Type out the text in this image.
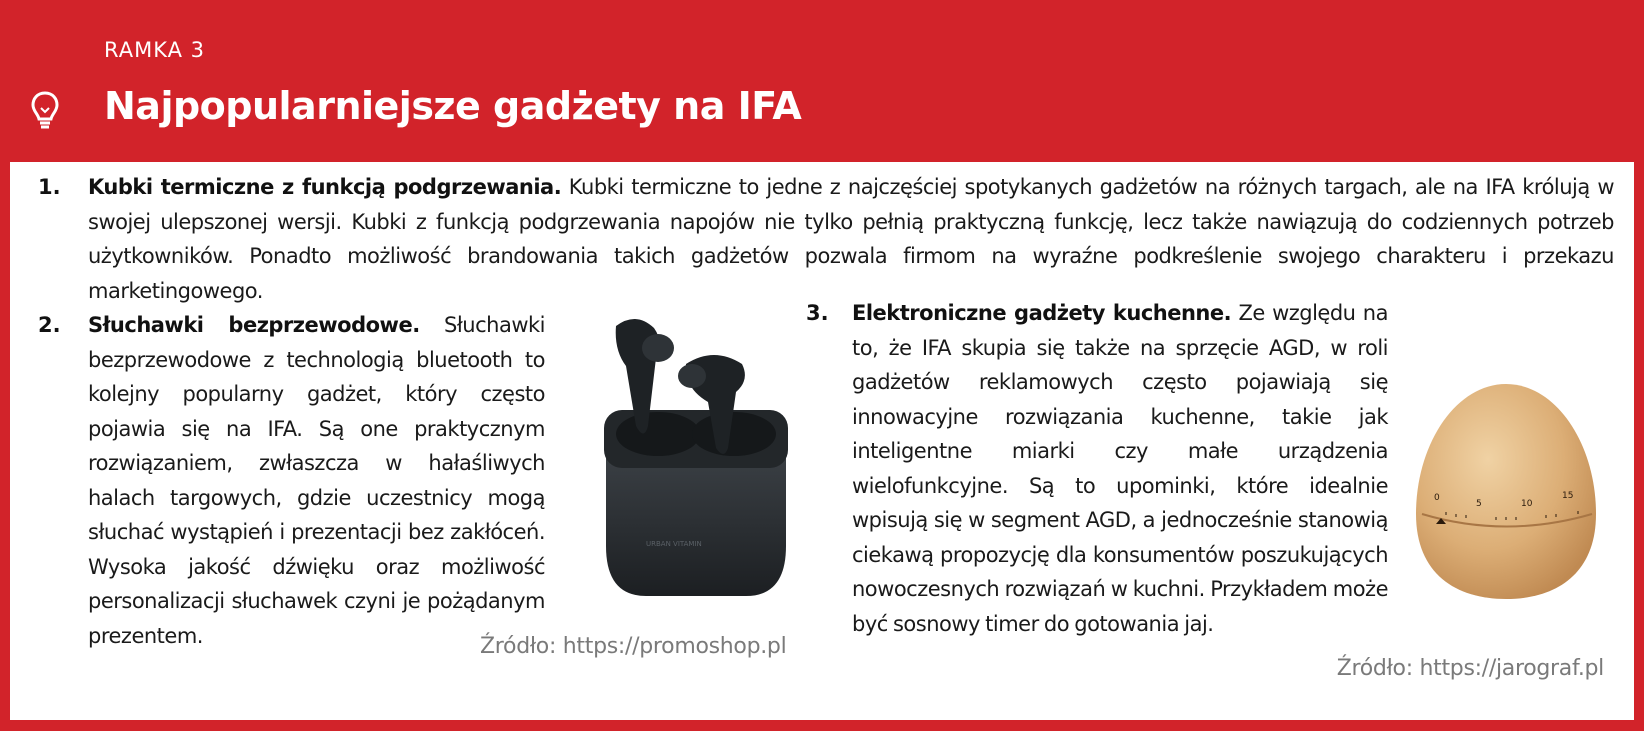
RAMKA 3
Najpopularniejsze gadżety na IFA
1. Kubki termiczne z funkcją podgrzewania. Kubki termiczne to jedne z najczęściej spotykanych gadżetów na różnych targach, ale na IFA królują w swojej ulepszonej wersji. Kubki z funkcją podgrzewania napojów nie tylko pełnią praktyczną funkcję, lecz także nawiązują do codziennych potrzeb użytkowników. Ponadto możliwość brandowania takich gadżetów pozwala firmom na wyraźne podkreślenie swojego charakteru i przekazu marketingowego.
2. Słuchawki bezprzewodowe. Słuchawki bezprzewodowe z technologią bluetooth to kolejny popularny gadżet, który często pojawia się na IFA. Są one praktycznym rozwiązaniem, zwłaszcza w hałaśliwych halach targowych, gdzie uczestnicy mogą słuchać wystąpień i prezentacji bez zakłóceń. Wysoka jakość dźwięku oraz możliwość personalizacji słuchawek czyni je pożądanym prezentem.
URBAN VITAMIN
Źródło: https://promoshop.pl
3. Elektroniczne gadżety kuchenne. Ze względu na to, że IFA skupia się także na sprzęcie AGD, w roli gadżetów reklamowych często pojawiają się innowacyjne rozwiązania kuchenne, takie jak inteligentne miarki czy małe urządzenia wielofunkcyjne. Są to upominki, które idealnie wpisują się w segment AGD, a jednocześnie stanowią ciekawą propozycję dla konsumentów poszukujących nowoczesnych rozwiązań w kuchni. Przykładem może być sosnowy timer do gotowania jaj.
0
5	10
15
Źródło: https://jarograf.pl
